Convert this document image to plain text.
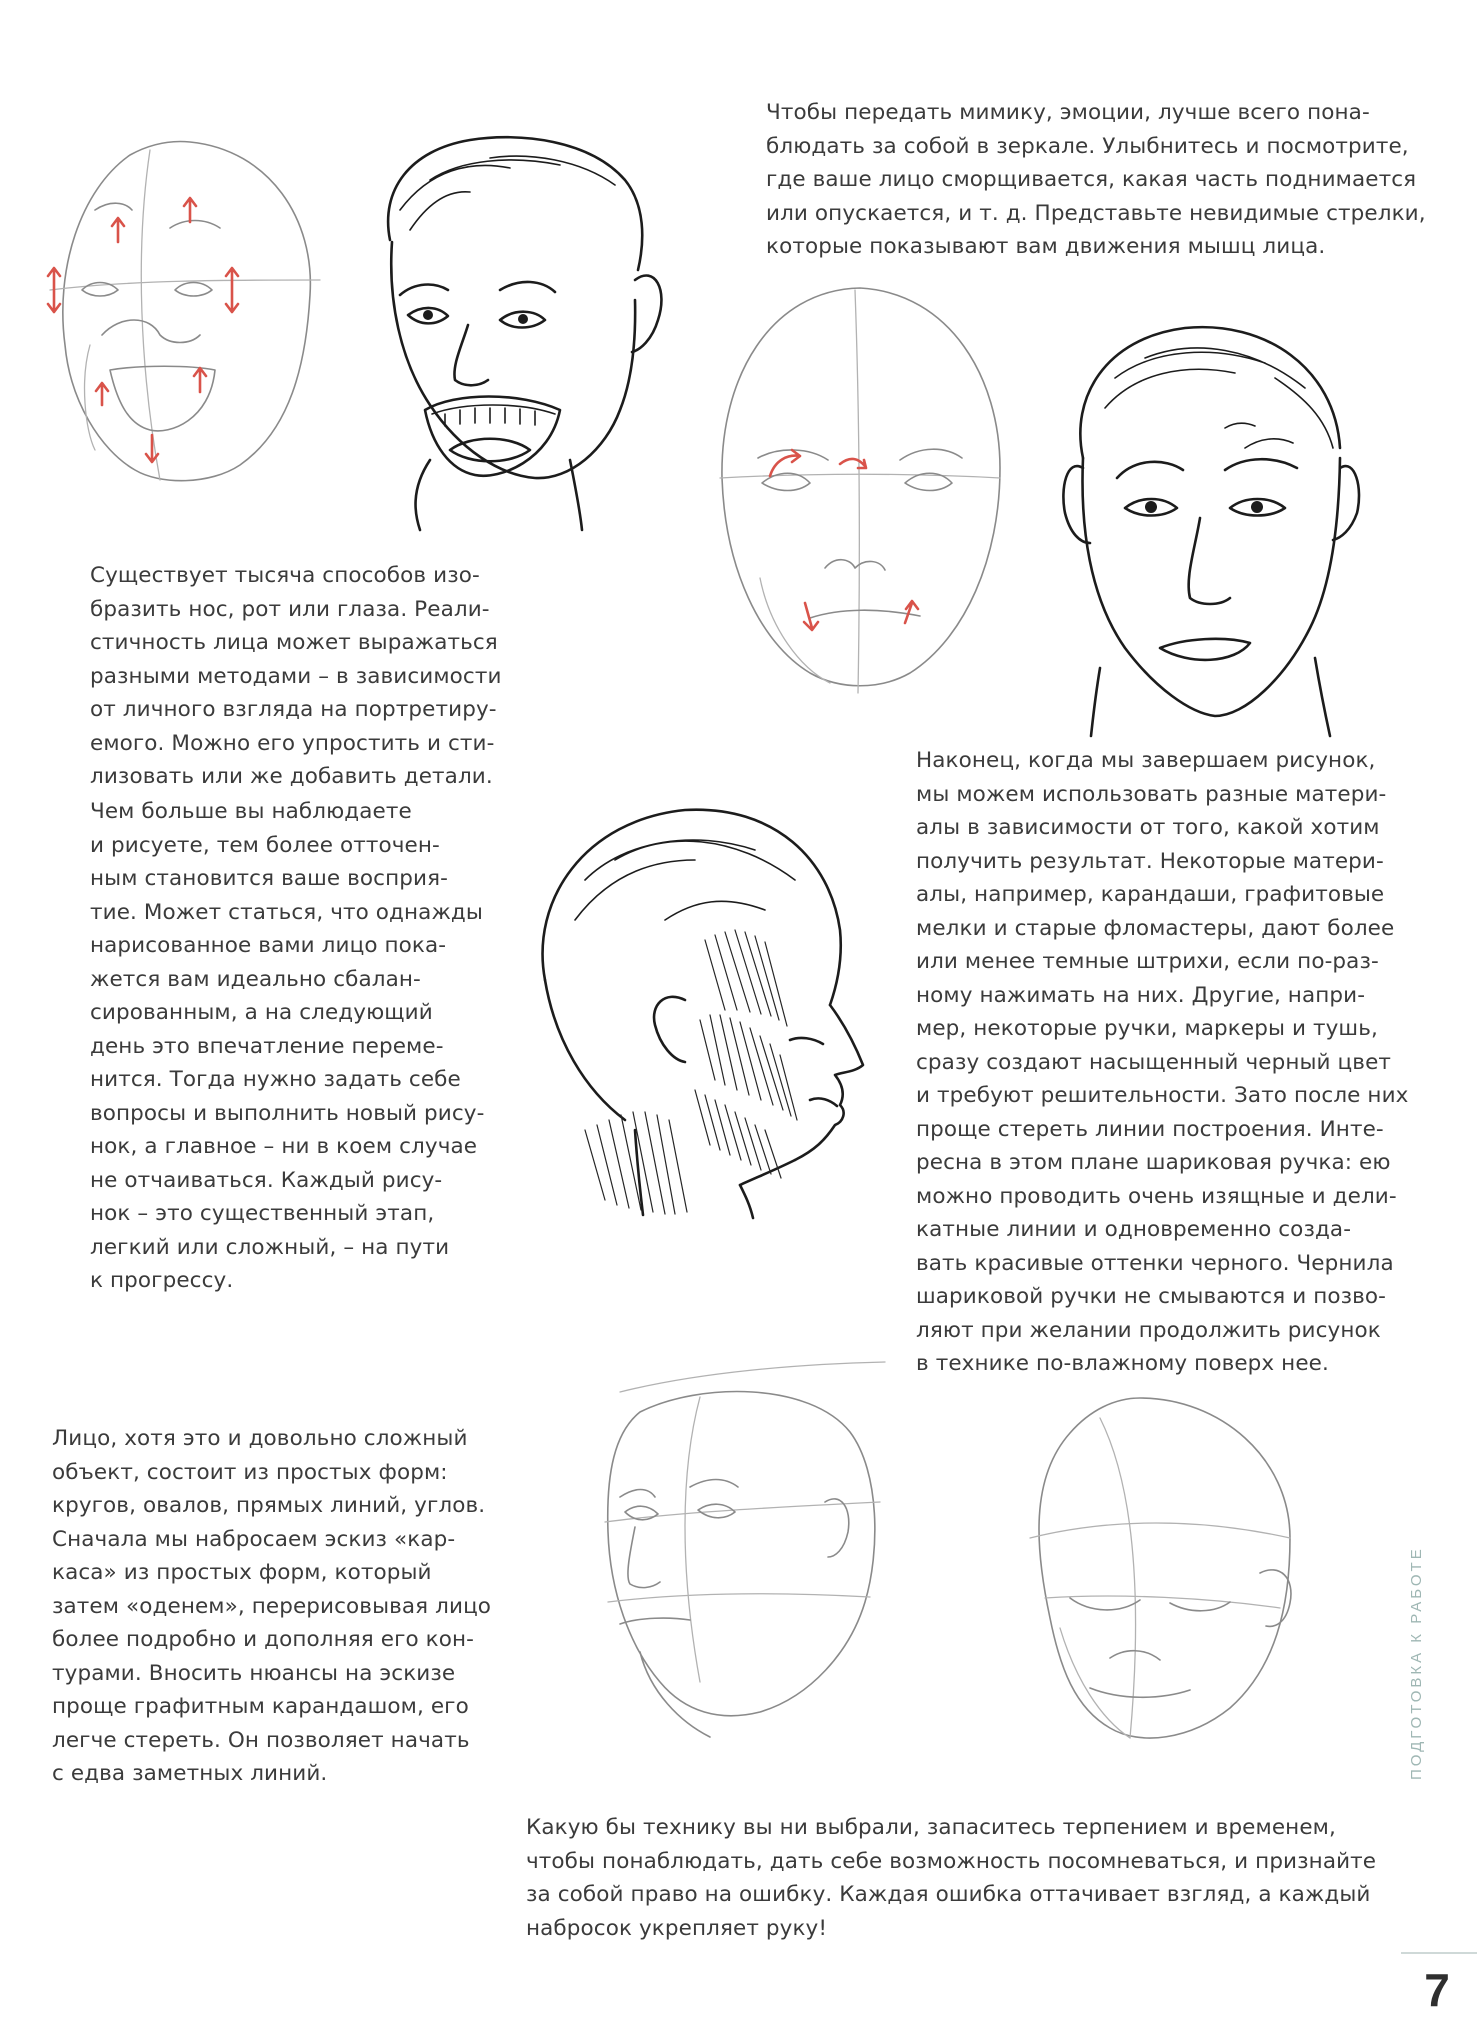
Чтобы передать мимику, эмоции, лучше всего пона-

блюдать за собой в зеркале. Улыбнитесь и посмотрите,

где ваше лицо сморщивается, какая часть поднимается

или опускается, и т. д. Представьте невидимые стрелки,

которые показывают вам движения мышц лица.

Существует тысяча способов изо-

бразить нос, рот или глаза. Реали-

стичность лица может выражаться

разными методами – в зависимости

от личного взгляда на портретиру-

емого. Можно его упростить и сти-

лизовать или же добавить детали.

Чем больше вы наблюдаете

и рисуете, тем более отточен-

ным становится ваше восприя-

тие. Может статься, что однажды

нарисованное вами лицо пока-

жется вам идеально сбалан-

сированным, а на следующий

день это впечатление переме-

нится. Тогда нужно задать себе

вопросы и выполнить новый рису-

нок, а главное – ни в коем случае

не отчаиваться. Каждый рису-

нок – это существенный этап,

легкий или сложный, – на пути

к прогрессу.

Наконец, когда мы завершаем рисунок,

мы можем использовать разные матери-

алы в зависимости от того, какой хотим

получить результат. Некоторые матери-

алы, например, карандаши, графитовые

мелки и старые фломастеры, дают более

или менее темные штрихи, если по-раз-

ному нажимать на них. Другие, напри-

мер, некоторые ручки, маркеры и тушь,

сразу создают насыщенный черный цвет

и требуют решительности. Зато после них

проще стереть линии построения. Инте-

ресна в этом плане шариковая ручка: ею

можно проводить очень изящные и дели-

катные линии и одновременно созда-

вать красивые оттенки черного. Чернила

шариковой ручки не смываются и позво-

ляют при желании продолжить рисунок

в технике по-влажному поверх нее.

Лицо, хотя это и довольно сложный

объект, состоит из простых форм:

кругов, овалов, прямых линий, углов.

Сначала мы набросаем эскиз «кар-

каса» из простых форм, который

затем «оденем», перерисовывая лицо

более подробно и дополняя его кон-

турами. Вносить нюансы на эскизе

проще графитным карандашом, его

легче стереть. Он позволяет начать

с едва заметных линий.

Какую бы технику вы ни выбрали, запаситесь терпением и временем,

чтобы понаблюдать, дать себе возможность посомневаться, и признайте

за собой право на ошибку. Каждая ошибка оттачивает взгляд, а каждый

набросок укрепляет руку!

ПОДГОТОВКА К РАБОТЕ
7
